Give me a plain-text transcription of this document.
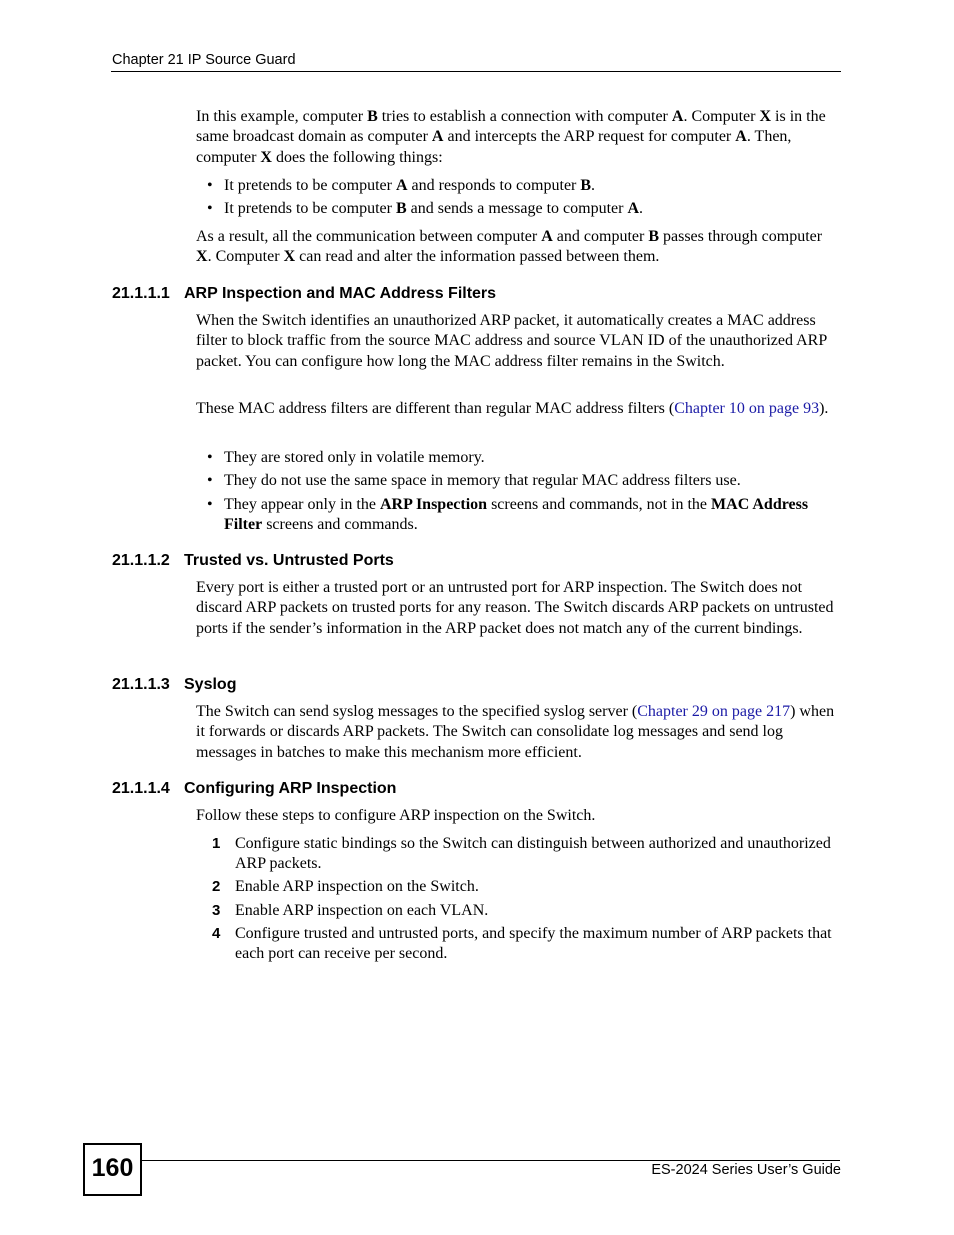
Chapter 21 IP Source Guard
In this example, computer B tries to establish a connection with computer A. Computer X is in the same broadcast domain as computer A and intercepts the ARP request for computer A. Then, computer X does the following things:
• It pretends to be computer A and responds to computer B.
• It pretends to be computer B and sends a message to computer A.
As a result, all the communication between computer A and computer B passes through computer X. Computer X can read and alter the information passed between them.
21.1.1.1 ARP Inspection and MAC Address Filters
When the Switch identifies an unauthorized ARP packet, it automatically creates a MAC address filter to block traffic from the source MAC address and source VLAN ID of the unauthorized ARP packet. You can configure how long the MAC address filter remains in the Switch.
These MAC address filters are different than regular MAC address filters (Chapter 10 on page 93).
• They are stored only in volatile memory.
• They do not use the same space in memory that regular MAC address filters use.
• They appear only in the ARP Inspection screens and commands, not in the MAC Address Filter screens and commands.
21.1.1.2 Trusted vs. Untrusted Ports
Every port is either a trusted port or an untrusted port for ARP inspection. The Switch does not discard ARP packets on trusted ports for any reason. The Switch discards ARP packets on untrusted ports if the sender’s information in the ARP packet does not match any of the current bindings.
21.1.1.3 Syslog
The Switch can send syslog messages to the specified syslog server (Chapter 29 on page 217) when it forwards or discards ARP packets. The Switch can consolidate log messages and send log messages in batches to make this mechanism more efficient.
21.1.1.4 Configuring ARP Inspection
Follow these steps to configure ARP inspection on the Switch.
1 Configure static bindings so the Switch can distinguish between authorized and unauthorized ARP packets.
2 Enable ARP inspection on the Switch.
3 Enable ARP inspection on each VLAN.
4 Configure trusted and untrusted ports, and specify the maximum number of ARP packets that each port can receive per second.
160	ES-2024 Series User’s Guide
